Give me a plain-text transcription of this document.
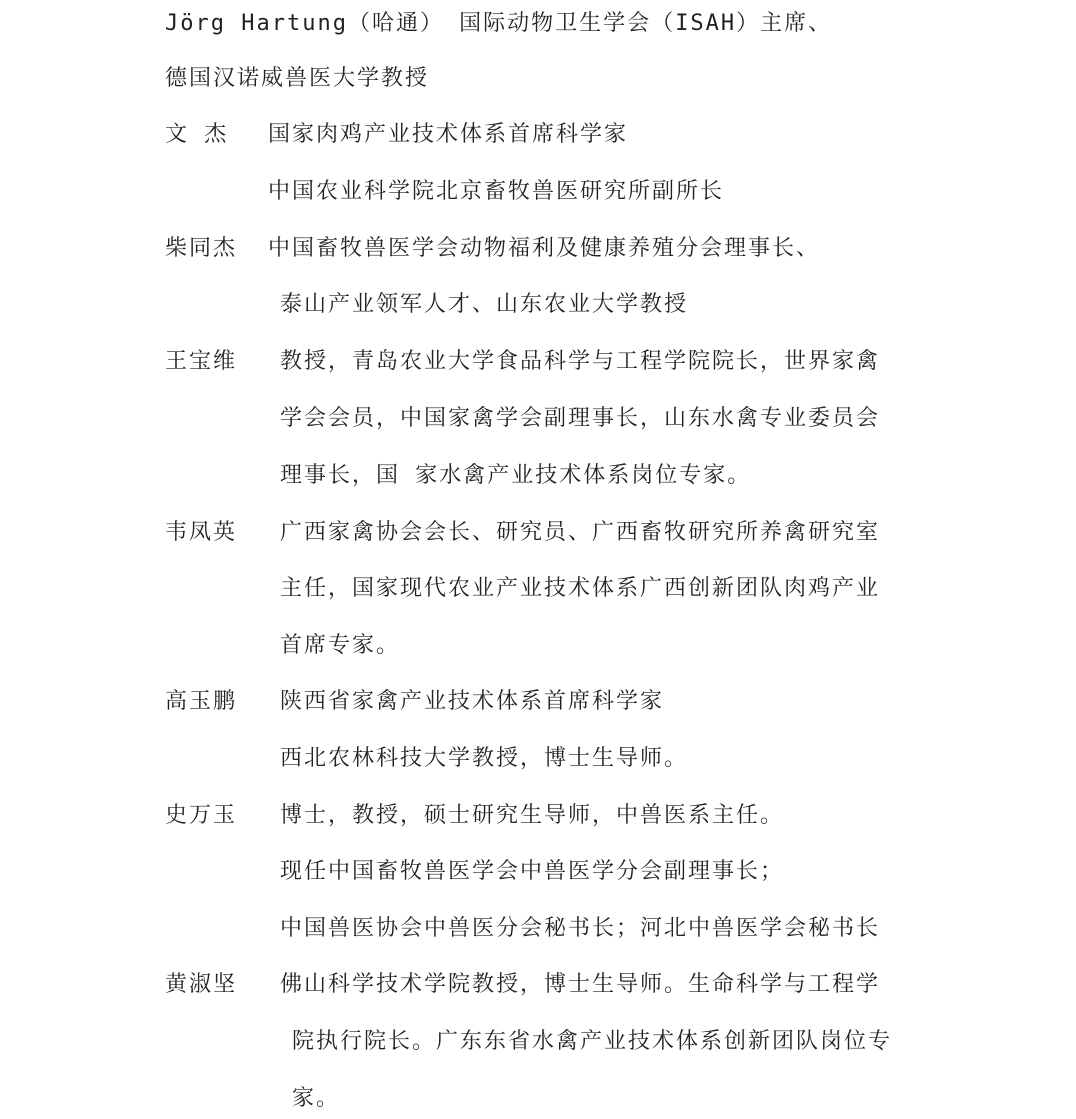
Jörg Hartung（哈通） 国际动物卫生学会（ISAH）主席、
德国汉诺威兽医大学教授
文 杰 国家肉鸡产业技术体系首席科学家
中国农业科学院北京畜牧兽医研究所副所长
柴同杰 中国畜牧兽医学会动物福利及健康养殖分会理事长、
泰山产业领军人才、山东农业大学教授
王宝维 教授，青岛农业大学食品科学与工程学院院长，世界家禽
学会会员，中国家禽学会副理事长，山东水禽专业委员会
理事长，国 家水禽产业技术体系岗位专家。
韦凤英 广西家禽协会会长、研究员、广西畜牧研究所养禽研究室
主任，国家现代农业产业技术体系广西创新团队肉鸡产业
首席专家。
高玉鹏 陕西省家禽产业技术体系首席科学家
西北农林科技大学教授，博士生导师。
史万玉 博士，教授，硕士研究生导师，中兽医系主任。
现任中国畜牧兽医学会中兽医学分会副理事长；
中国兽医协会中兽医分会秘书长；河北中兽医学会秘书长
黄淑坚 佛山科学技术学院教授，博士生导师。生命科学与工程学
院执行院长。广东东省水禽产业技术体系创新团队岗位专
家。
